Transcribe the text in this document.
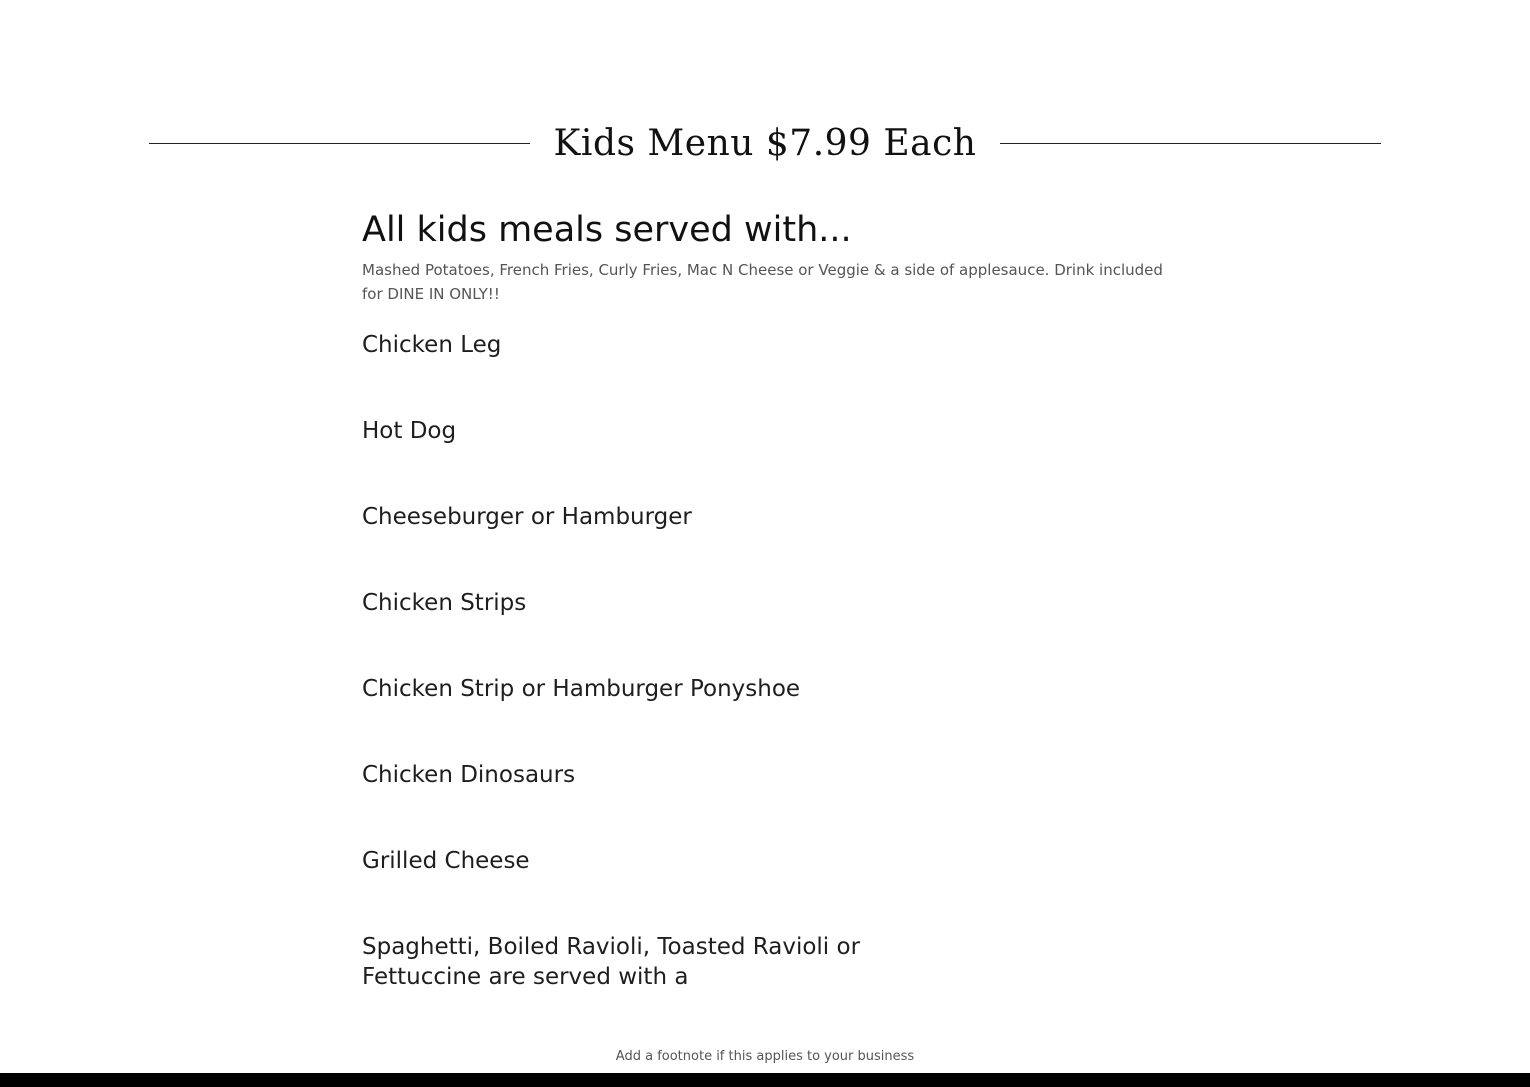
Kids Menu $7.99 Each
All kids meals served with...

Mashed Potatoes, French Fries, Curly Fries, Mac N Cheese or Veggie & a side of applesauce. Drink included for DINE IN ONLY!!

Chicken Leg
Hot Dog
Cheeseburger or Hamburger
Chicken Strips
Chicken Strip or Hamburger Ponyshoe
Chicken Dinosaurs
Grilled Cheese
Spaghetti, Boiled Ravioli, Toasted Ravioli or Fettuccine are served with a
Add a footnote if this applies to your business
